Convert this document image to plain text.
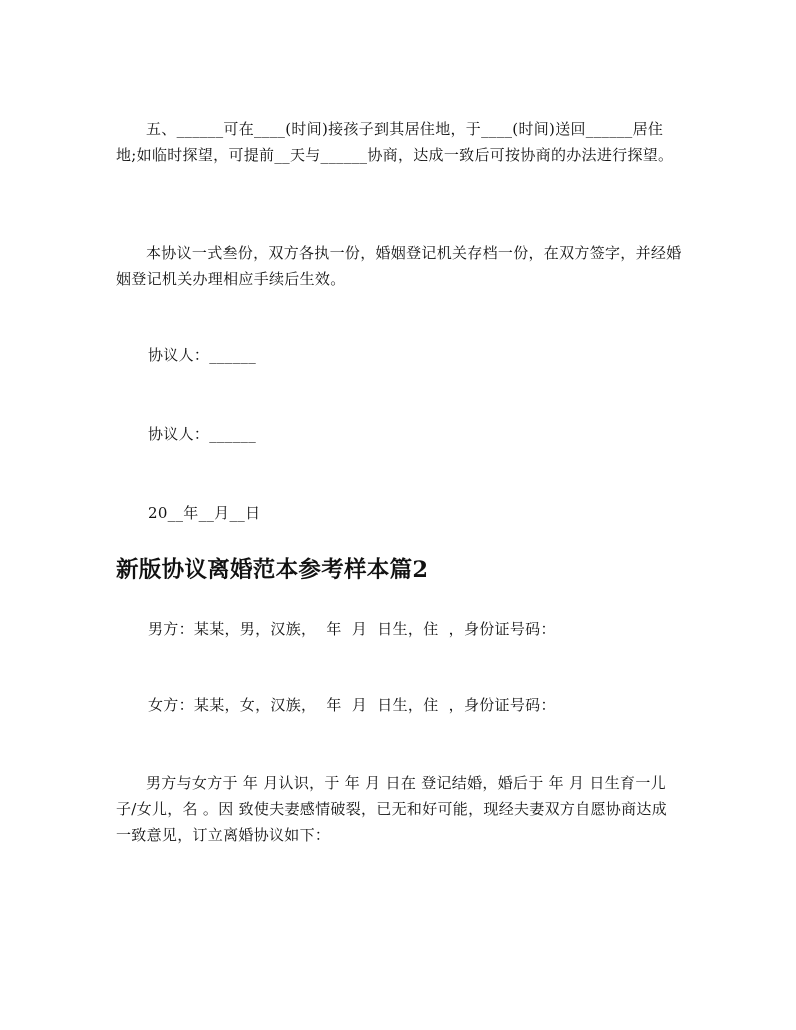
五、______可在____(时间)接孩子到其居住地，于____(时间)送回______居住地;如临时探望，可提前__天与______协商，达成一致后可按协商的办法进行探望。

本协议一式叁份，双方各执一份，婚姻登记机关存档一份，在双方签字，并经婚姻登记机关办理相应手续后生效。

协议人：______

协议人：______

20__年__月__日

新版协议离婚范本参考样本篇2

男方：某某，男，汉族，  年  月  日生，住  ，身份证号码：

女方：某某，女，汉族，  年  月  日生，住  ，身份证号码：

男方与女方于 年 月认识，于 年 月 日在 登记结婚，婚后于 年 月 日生育一儿子/女儿，名 。因 致使夫妻感情破裂，已无和好可能，现经夫妻双方自愿协商达成一致意见，订立离婚协议如下：
